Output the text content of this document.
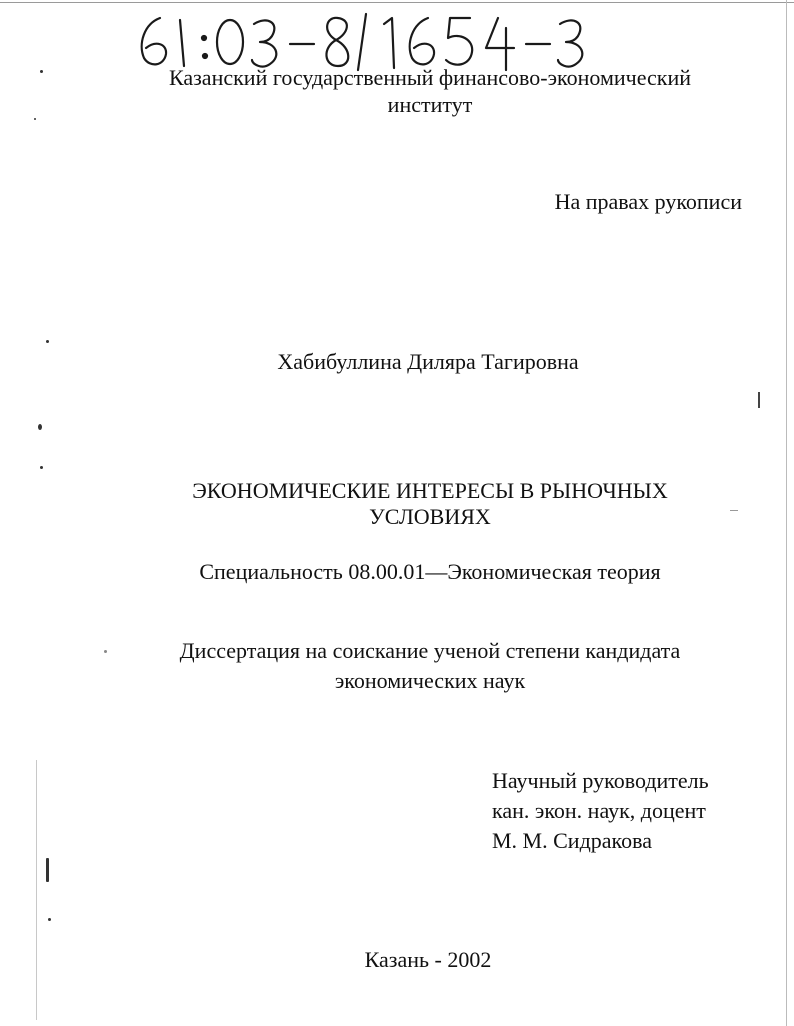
Казанский государственный финансово-экономический
институт
На правах рукописи
Хабибуллина Диляра Тагировна
ЭКОНОМИЧЕСКИЕ ИНТЕРЕСЫ В РЫНОЧНЫХ
УСЛОВИЯХ
Специальность 08.00.01—Экономическая теория
Диссертация на соискание ученой степени кандидата
экономических наук
Научный руководитель
кан. экон. наук, доцент
М. М. Сидракова
Казань - 2002
